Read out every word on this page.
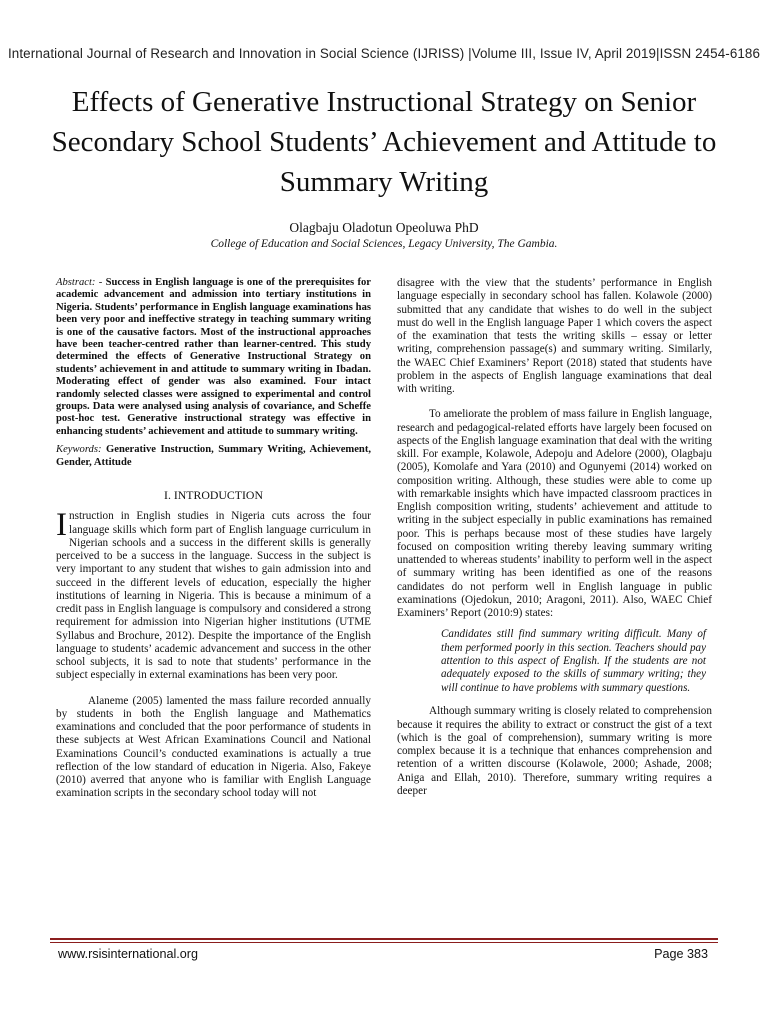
International Journal of Research and Innovation in Social Science (IJRISS) |Volume III, Issue IV, April 2019|ISSN 2454-6186
Effects of Generative Instructional Strategy on Senior Secondary School Students’ Achievement and Attitude to Summary Writing
Olagbaju Oladotun Opeoluwa PhD
College of Education and Social Sciences, Legacy University, The Gambia.

Abstract: - Success in English language is one of the prerequisites for academic advancement and admission into tertiary institutions in Nigeria. Students’ performance in English language examinations has been very poor and ineffective strategy in teaching summary writing is one of the causative factors. Most of the instructional approaches have been teacher-centred rather than learner-centred. This study determined the effects of Generative Instructional Strategy on students’ achievement in and attitude to summary writing in Ibadan. Moderating effect of gender was also examined. Four intact randomly selected classes were assigned to experimental and control groups. Data were analysed using analysis of covariance, and Scheffe post-hoc test. Generative instructional strategy was effective in enhancing students’ achievement and attitude to summary writing.

Keywords: Generative Instruction, Summary Writing, Achievement, Gender, Attitude

I. INTRODUCTION

Instruction in English studies in Nigeria cuts across the four language skills which form part of English language curriculum in Nigerian schools and a success in the different skills is generally perceived to be a success in the language. Success in the subject is very important to any student that wishes to gain admission into and succeed in the different levels of education, especially the higher institutions of learning in Nigeria. This is because a minimum of a credit pass in English language is compulsory and considered a strong requirement for admission into Nigerian higher institutions (UTME Syllabus and Brochure, 2012). Despite the importance of the English language to students’ academic advancement and success in the other school subjects, it is sad to note that students’ performance in the subject especially in external examinations has been very poor.

Alaneme (2005) lamented the mass failure recorded annually by students in both the English language and Mathematics examinations and concluded that the poor performance of students in these subjects at West African Examinations Council and National Examinations Council’s conducted examinations is actually a true reflection of the low standard of education in Nigeria. Also, Fakeye (2010) averred that anyone who is familiar with English Language examination scripts in the secondary school today will not

disagree with the view that the students’ performance in English language especially in secondary school has fallen. Kolawole (2000) submitted that any candidate that wishes to do well in the subject must do well in the English language Paper 1 which covers the aspect of the examination that tests the writing skills – essay or letter writing, comprehension passage(s) and summary writing. Similarly, the WAEC Chief Examiners’ Report (2018) stated that students have problem in the aspects of English language examinations that deal with writing.

To ameliorate the problem of mass failure in English language, research and pedagogical-related efforts have largely been focused on aspects of the English language examination that deal with the writing skill. For example, Kolawole, Adepoju and Adelore (2000), Olagbaju (2005), Komolafe and Yara (2010) and Ogunyemi (2014) worked on composition writing. Although, these studies were able to come up with remarkable insights which have impacted classroom practices in English composition writing, students’ achievement and attitude to writing in the subject especially in public examinations has remained poor. This is perhaps because most of these studies have largely focused on composition writing thereby leaving summary writing unattended to whereas students’ inability to perform well in the aspect of summary writing has been identified as one of the reasons candidates do not perform well in English language in public examinations (Ojedokun, 2010; Aragoni, 2011). Also, WAEC Chief Examiners’ Report (2010:9) states:

Candidates still find summary writing difficult. Many of them performed poorly in this section. Teachers should pay attention to this aspect of English. If the students are not adequately exposed to the skills of summary writing; they will continue to have problems with summary questions.

Although summary writing is closely related to comprehension because it requires the ability to extract or construct the gist of a text (which is the goal of comprehension), summary writing is more complex because it is a technique that enhances comprehension and retention of a written discourse (Kolawole, 2000; Ashade, 2008; Aniga and Ellah, 2010). Therefore, summary writing requires a deeper

www.rsisinternational.org	Page 383
